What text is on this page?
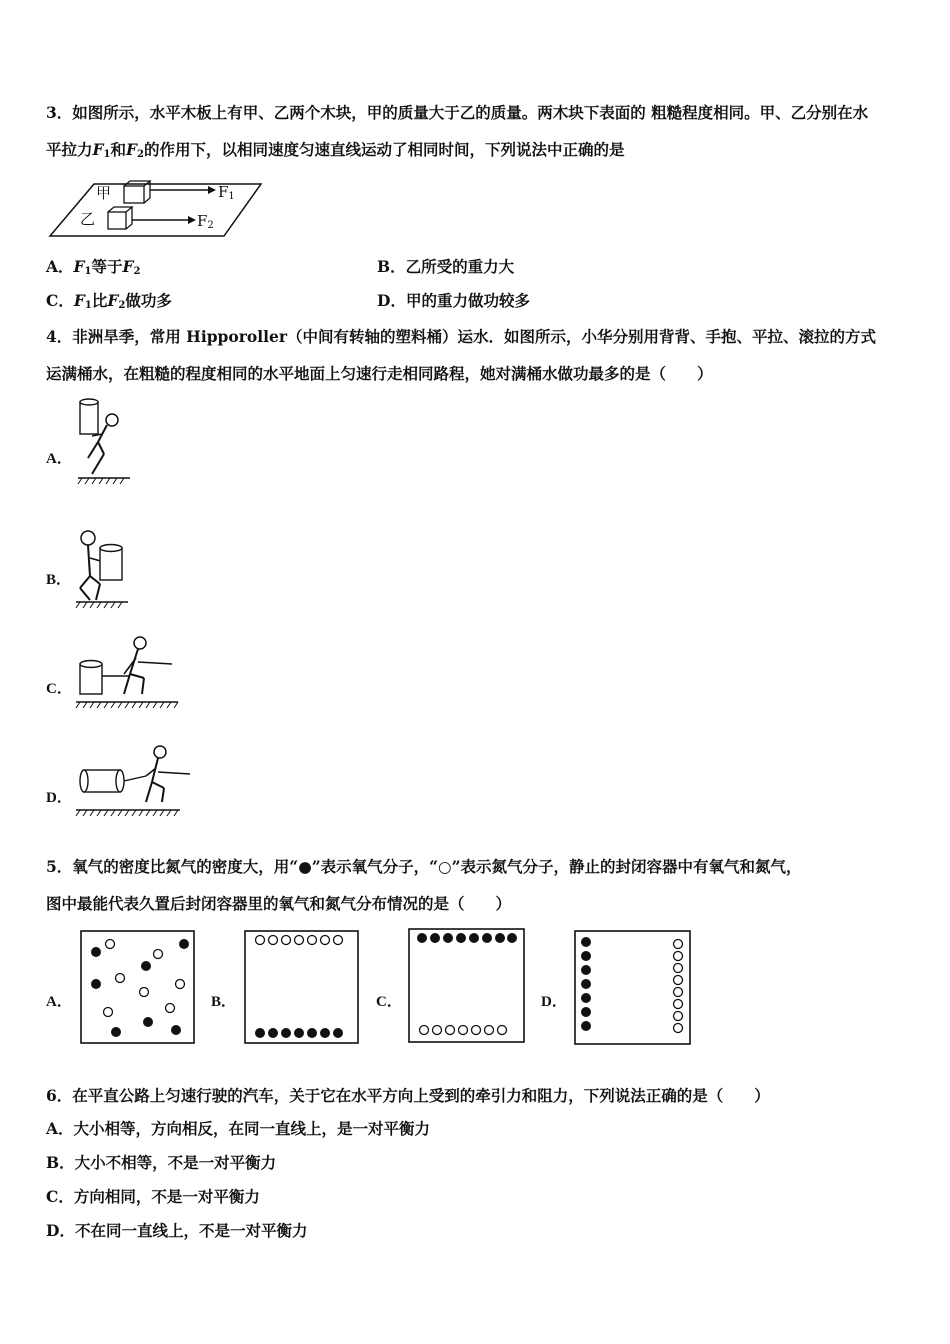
3．如图所示，水平木板上有甲、乙两个木块，甲的质量大于乙的质量。两木块下表面的 粗糙程度相同。甲、乙分别在水
平拉力$F_1$和$F_2$的作用下，以相同速度匀速直线运动了相同时间，下列说法中正确的是
甲
乙
$F_1$
$F_2$
A．$F_1$等于$F_2$	B．乙所受的重力大
C．$F_1$比$F_2$做功多	D．甲的重力做功较多
4．非洲旱季，常用 Hipporoller（中间有转轴的塑料桶）运水．如图所示，小华分别用背背、手抱、平拉、滚拉的方式
运满桶水，在粗糙的程度相同的水平地面上匀速行走相同路程，她对满桶水做功最多的是（　　）
A．
B．
C．
D．
5．氧气的密度比氮气的密度大，用“●”表示氧气分子，“○”表示氮气分子，静止的封闭容器中有氧气和氮气，
图中最能代表久置后封闭容器里的氧气和氮气分布情况的是（　　）
A．	B．	C．	D．
6．在平直公路上匀速行驶的汽车，关于它在水平方向上受到的牵引力和阻力，下列说法正确的是（　　）
A．大小相等，方向相反，在同一直线上，是一对平衡力
B．大小不相等，不是一对平衡力
C．方向相同，不是一对平衡力
D．不在同一直线上，不是一对平衡力
